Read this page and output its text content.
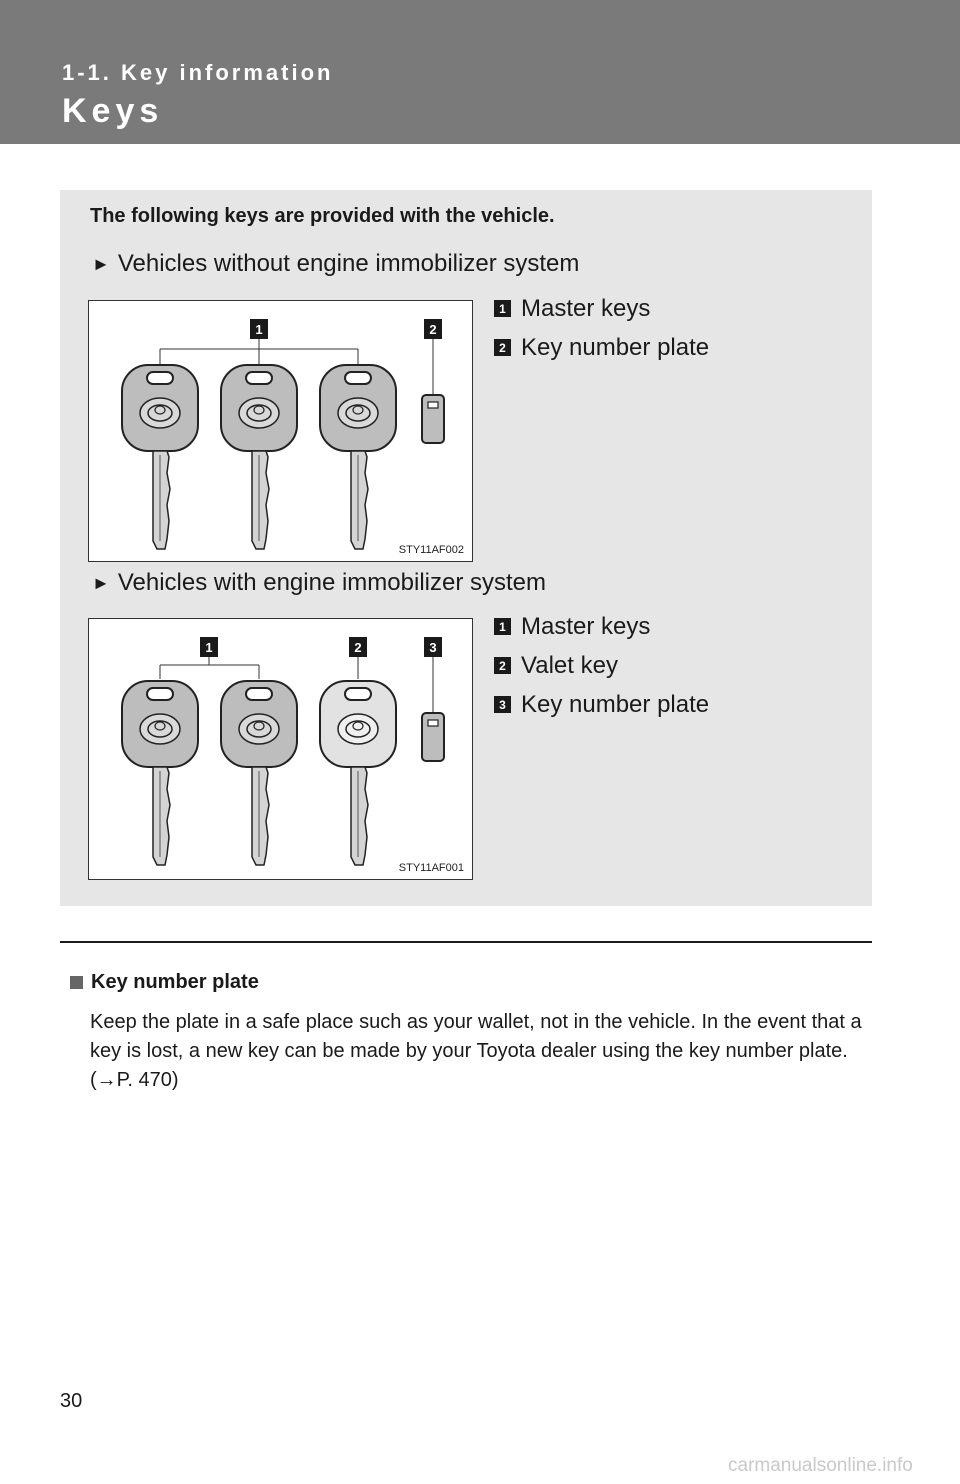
1-1. Key information
Keys
The following keys are provided with the vehicle.
► Vehicles without engine immobilizer system
1	2
STY11AF002
1 Master keys
2 Key number plate
► Vehicles with engine immobilizer system
1	2	3
STY11AF001
1 Master keys
2 Valet key
3 Key number plate
Key number plate
Keep the plate in a safe place such as your wallet, not in the vehicle. In the event that a key is lost, a new key can be made by your Toyota dealer using the key number plate. (→P. 470)
30
carmanualsonline.info
